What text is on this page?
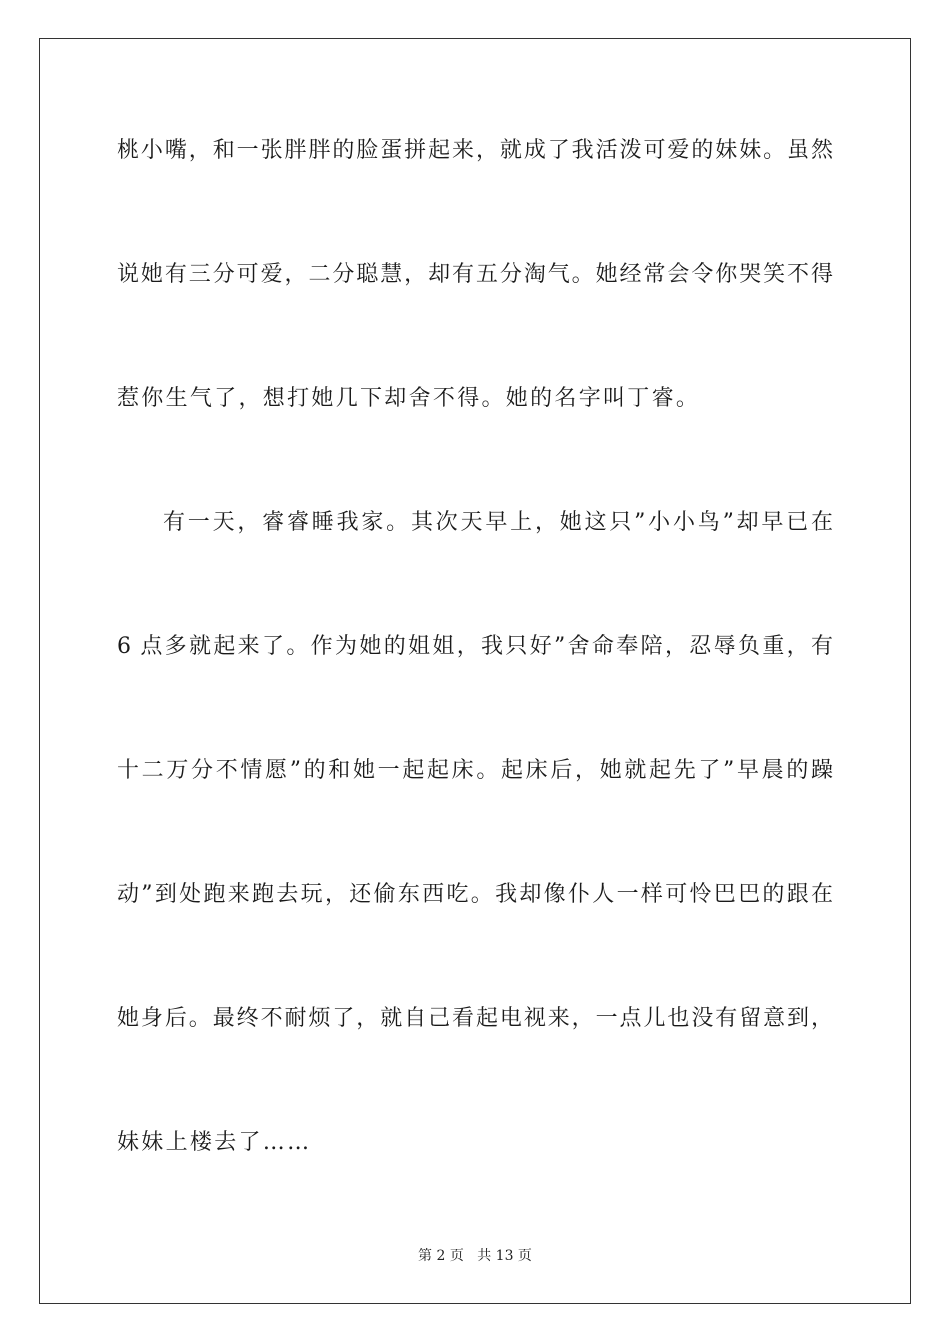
桃小嘴，和一张胖胖的脸蛋拼起来，就成了我活泼可爱的妹妹。虽然
说她有三分可爱，二分聪慧，却有五分淘气。她经常会令你哭笑不得
惹你生气了，想打她几下却舍不得。她的名字叫丁睿。
有一天，睿睿睡我家。其次天早上，她这只”小小鸟”却早已在
6 点多就起来了。作为她的姐姐，我只好”舍命奉陪，忍辱负重，有
十二万分不情愿”的和她一起起床。起床后，她就起先了”早晨的躁
动”到处跑来跑去玩，还偷东西吃。我却像仆人一样可怜巴巴的跟在
她身后。最终不耐烦了，就自己看起电视来，一点儿也没有留意到，
妹妹上楼去了……
第 2 页 共 13 页
